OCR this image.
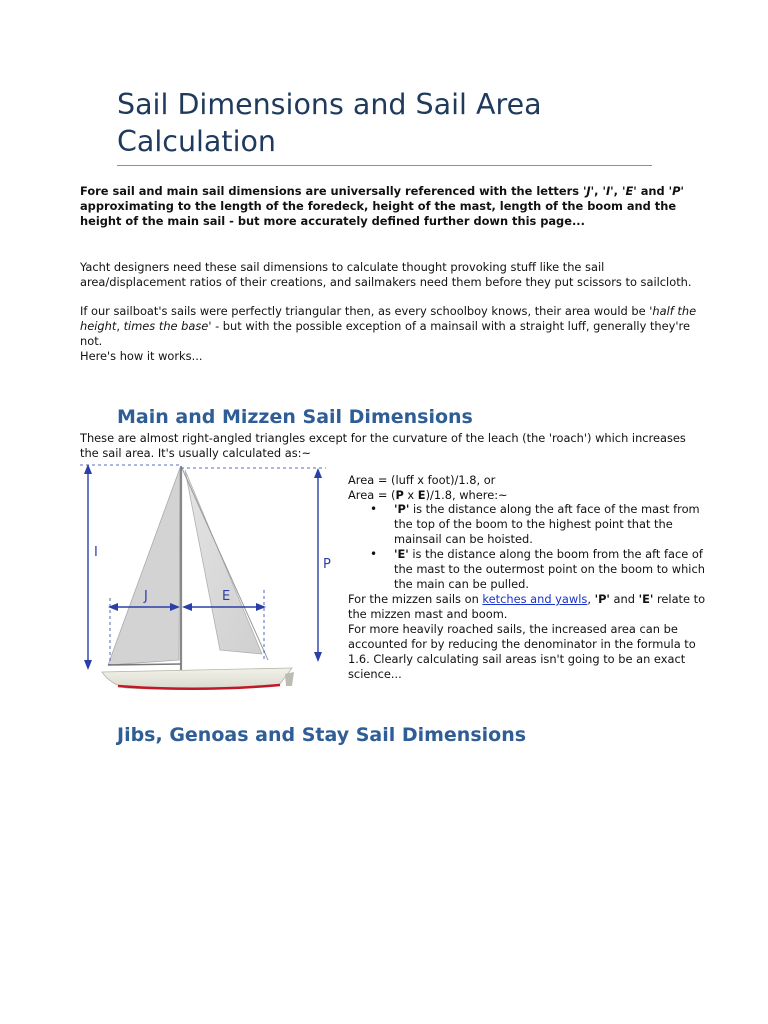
Sail Dimensions and Sail Area Calculation

Fore sail and main sail dimensions are universally referenced with the letters 'J', 'I', 'E' and 'P' approximating to the length of the foredeck, height of the mast, length of the boom and the height of the main sail - but more accurately defined further down this page...

Yacht designers need these sail dimensions to calculate thought provoking stuff like the sail area/displacement ratios of their creations, and sailmakers need them before they put scissors to sailcloth.

If our sailboat's sails were perfectly triangular then, as every schoolboy knows, their area would be 'half the height, times the base' - but with the possible exception of a mainsail with a straight luff, generally they're not.

Here's how it works...

Main and Mizzen Sail Dimensions

These are almost right-angled triangles except for the curvature of the leach (the 'roach') which increases the sail area. It's usually calculated as:~

I
J	E
P

Area = (luff x foot)/1.8, or

Area = (P x E)/1.8, where:~

• 'P' is the distance along the aft face of the mast from the top of the boom to the highest point that the mainsail can be hoisted.
• 'E' is the distance along the boom from the aft face of the mast to the outermost point on the boom to which the main can be pulled.

For the mizzen sails on ketches and yawls, 'P' and 'E' relate to the mizzen mast and boom.

For more heavily roached sails, the increased area can be accounted for by reducing the denominator in the formula to 1.6. Clearly calculating sail areas isn't going to be an exact science...

Jibs, Genoas and Stay Sail Dimensions
